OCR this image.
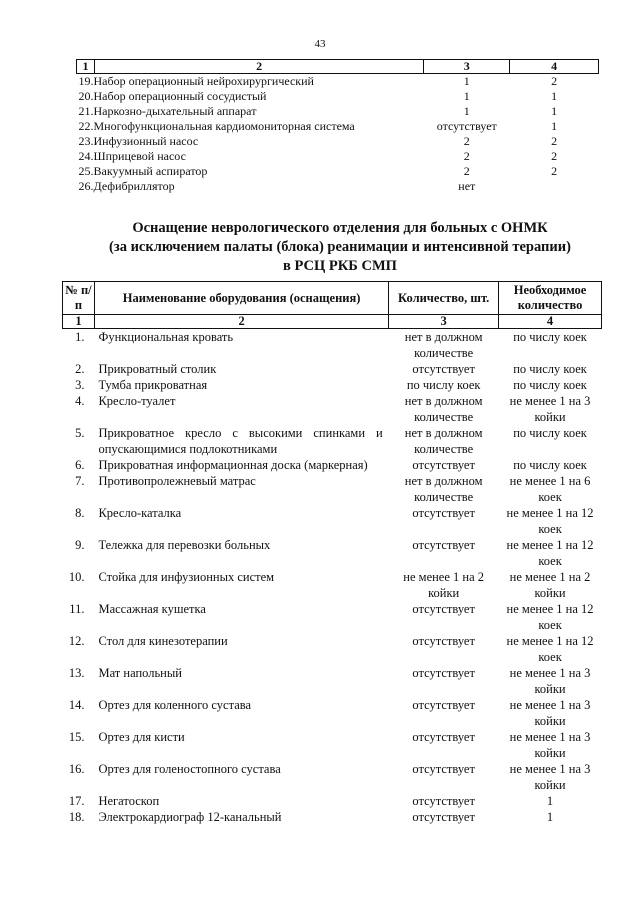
43
1	2	3	4
19.Набор операционный нейрохирургический		1	2
20.Набор операционный сосудистый		1	1
21.Наркозно-дыхательный аппарат		1	1
22.Многофункциональная кардиомониторная система		отсутствует	1
23.Инфузионный насос		2	2
24.Шприцевой насос		2	2
25.Вакуумный аспиратор		2	2
26.Дефибриллятор		нет	
Оснащение неврологического отделения для больных с ОНМК
(за исключением палаты (блока) реанимации и интенсивной терапии)
в РСЦ РКБ СМП
№ п/п	Наименование оборудования (оснащения)	Количество, шт.	Необходимое количество
1	2	3	4
1.	Функциональная кровать	нет в должном количестве	по числу коек
2.	Прикроватный столик	отсутствует	по числу коек
3.	Тумба прикроватная	по числу коек	по числу коек
4.	Кресло-туалет	нет в должном количестве	не менее 1 на 3 койки
5.	Прикроватное кресло с высокими спинками и опускающимися подлокотниками	нет в должном количестве	по числу коек
6.	Прикроватная информационная доска (маркерная)	отсутствует	по числу коек
7.	Противопролежневый матрас	нет в должном количестве	не менее 1 на 6 коек
8.	Кресло-каталка	отсутствует	не менее 1 на 12 коек
9.	Тележка для перевозки больных	отсутствует	не менее 1 на 12 коек
10.	Стойка для инфузионных систем	не менее 1 на 2 койки	не менее 1 на 2 койки
11.	Массажная кушетка	отсутствует	не менее 1 на 12 коек
12.	Стол для кинезотерапии	отсутствует	не менее 1 на 12 коек
13.	Мат напольный	отсутствует	не менее 1 на 3 койки
14.	Ортез для коленного сустава	отсутствует	не менее 1 на 3 койки
15.	Ортез для кисти	отсутствует	не менее 1 на 3 койки
16.	Ортез для голеностопного сустава	отсутствует	не менее 1 на 3 койки
17.	Негатоскоп	отсутствует	1
18.	Электрокардиограф 12-канальный	отсутствует	1
